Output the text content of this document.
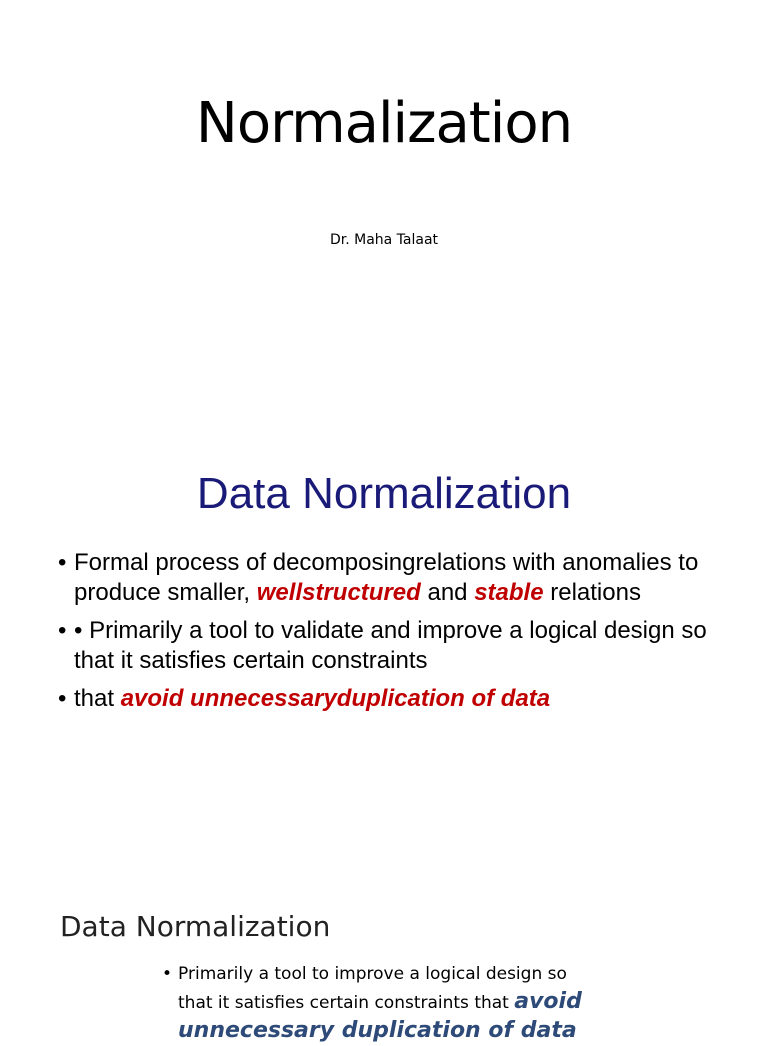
Normalization
Dr. Maha Talaat
Data Normalization
• Formal process of decomposingrelations with anomalies to produce smaller, wellstructured and stable relations
• • Primarily a tool to validate and improve a logical design so that it satisfies certain constraints
• that avoid unnecessaryduplication of data
Data Normalization
• Primarily a tool to improve a logical design so
that it satisfies certain constraints that avoid
unnecessary duplication of data
